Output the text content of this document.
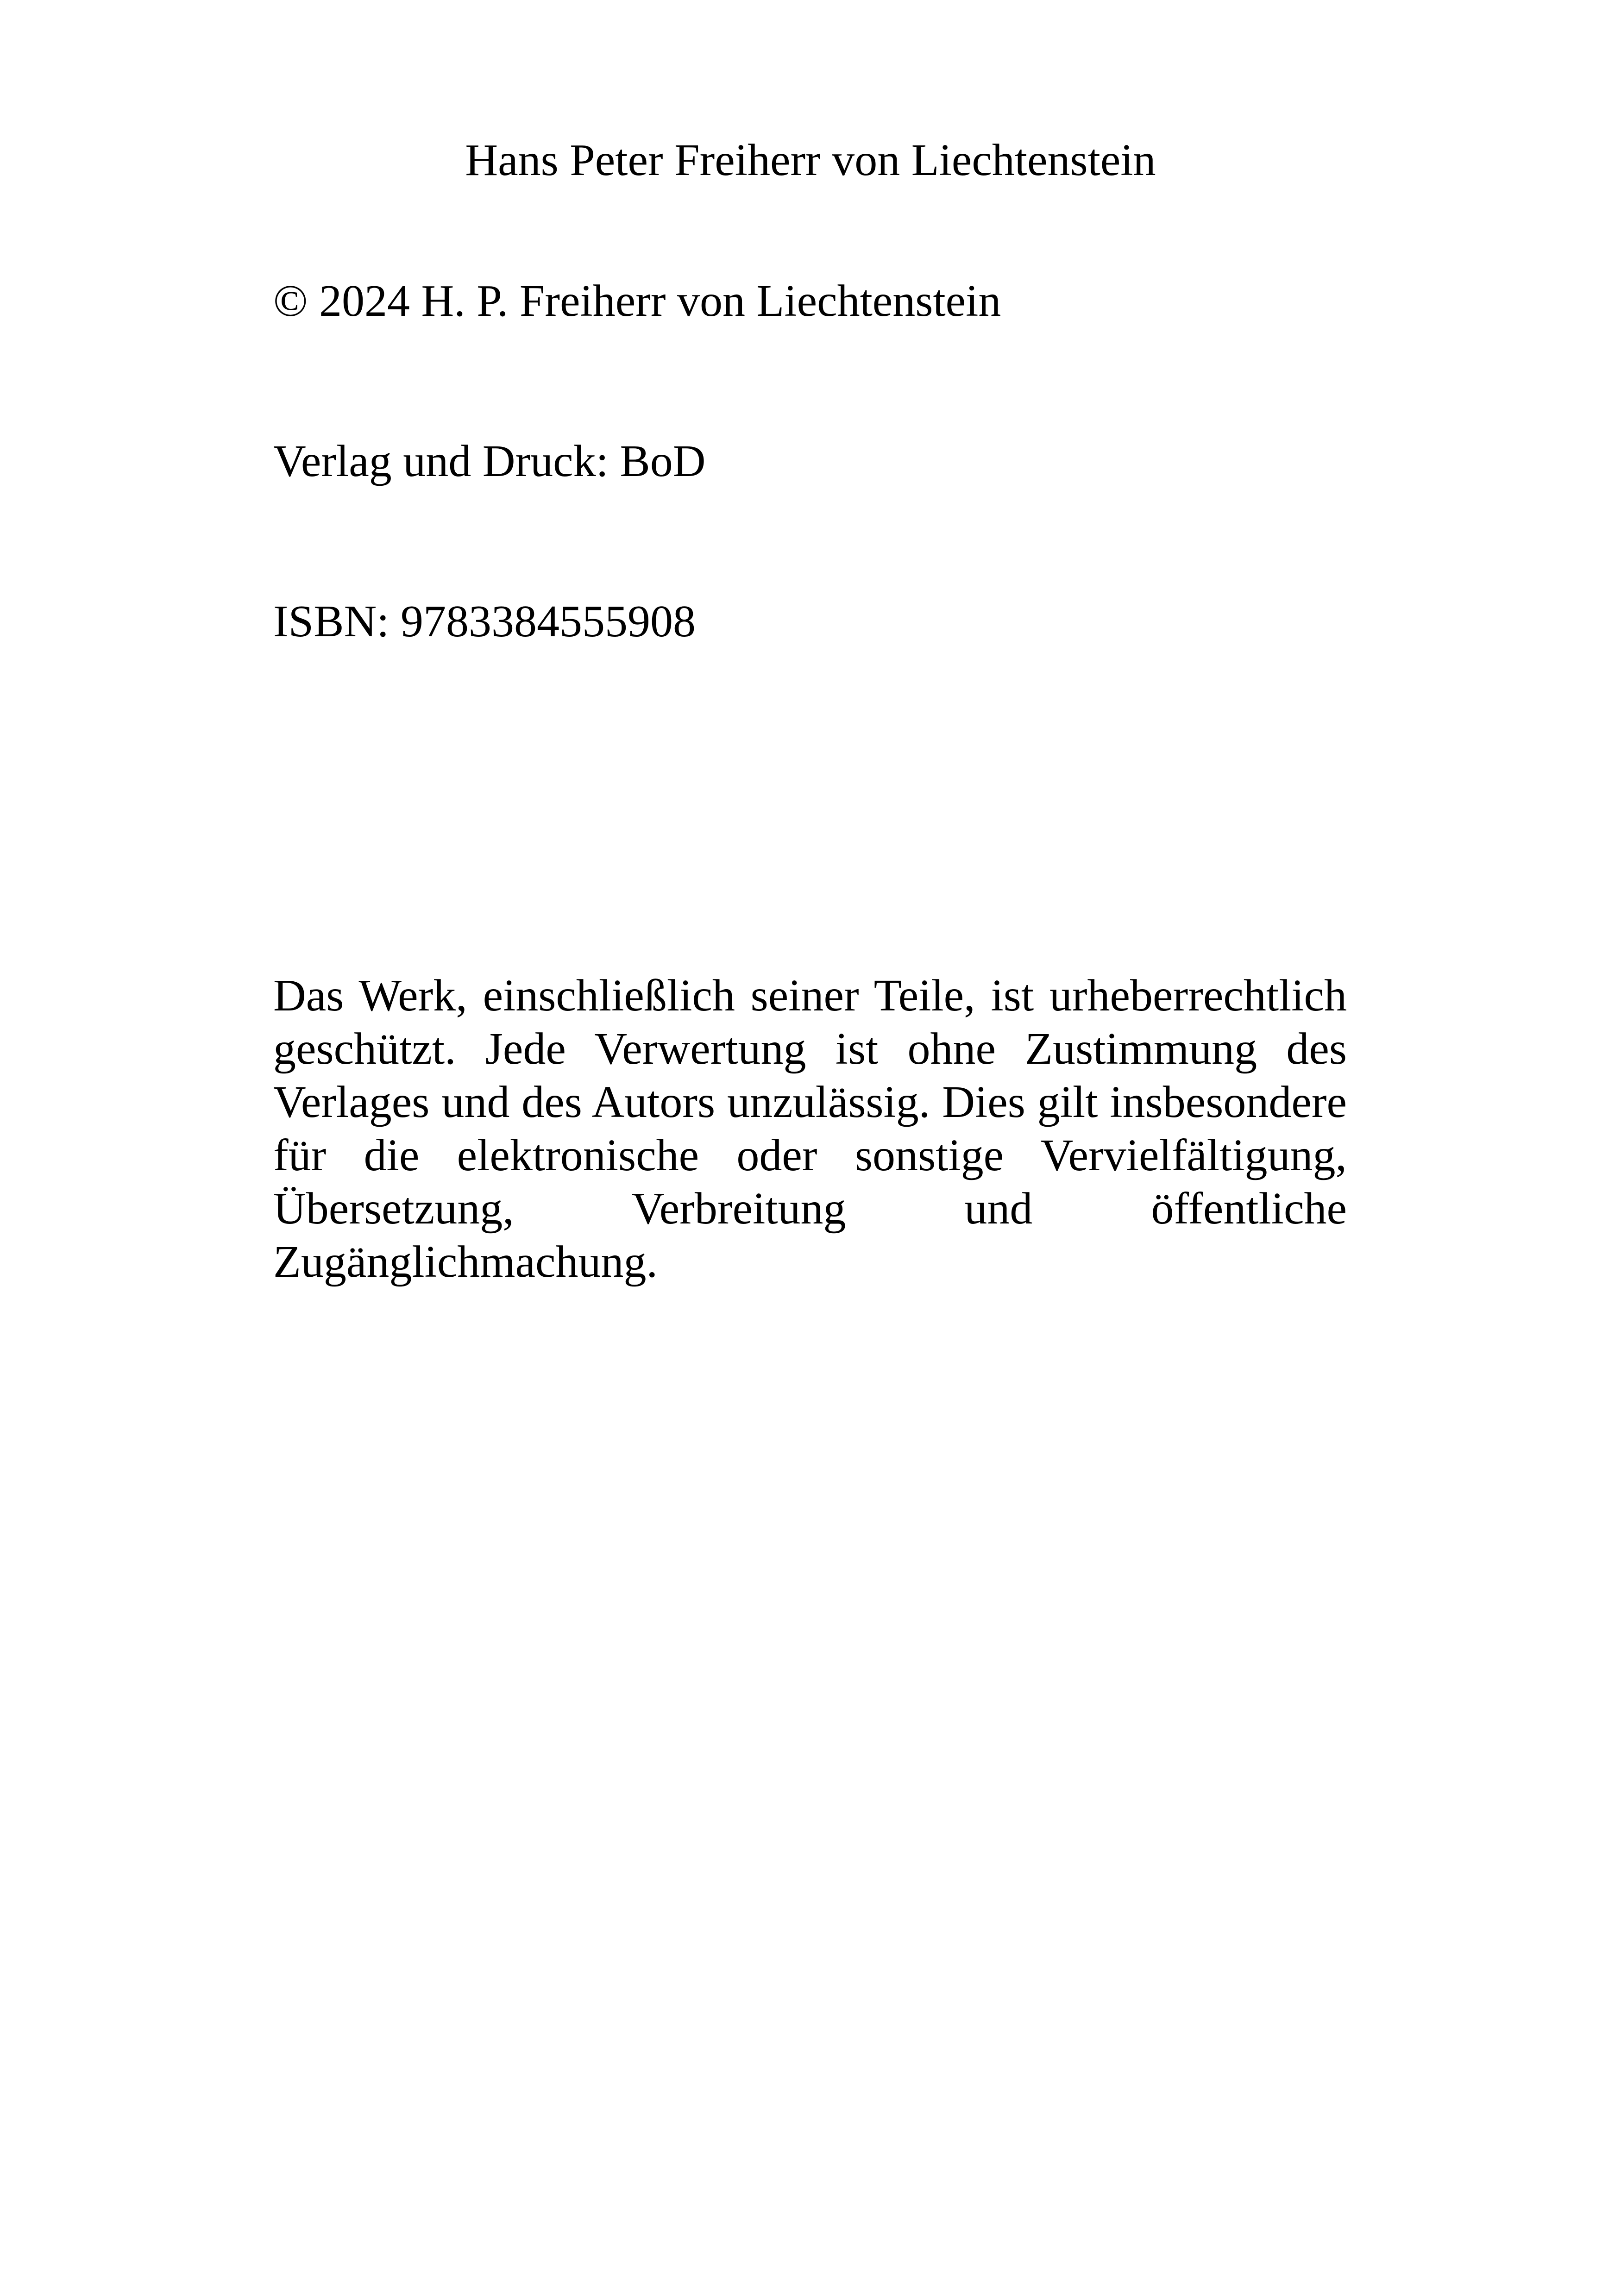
Hans Peter Freiherr von Liechtenstein
© 2024 H. P. Freiherr von Liechtenstein
Verlag und Druck: BoD
ISBN: 9783384555908

Das Werk, einschließlich seiner Teile, ist urheberrechtlich geschützt. Jede Verwertung ist ohne Zustimmung des Verlages und des Autors unzulässig. Dies gilt insbesondere für die elektronische oder sonstige Vervielfältigung, Übersetzung, Verbreitung und öffentliche Zugänglichmachung.
